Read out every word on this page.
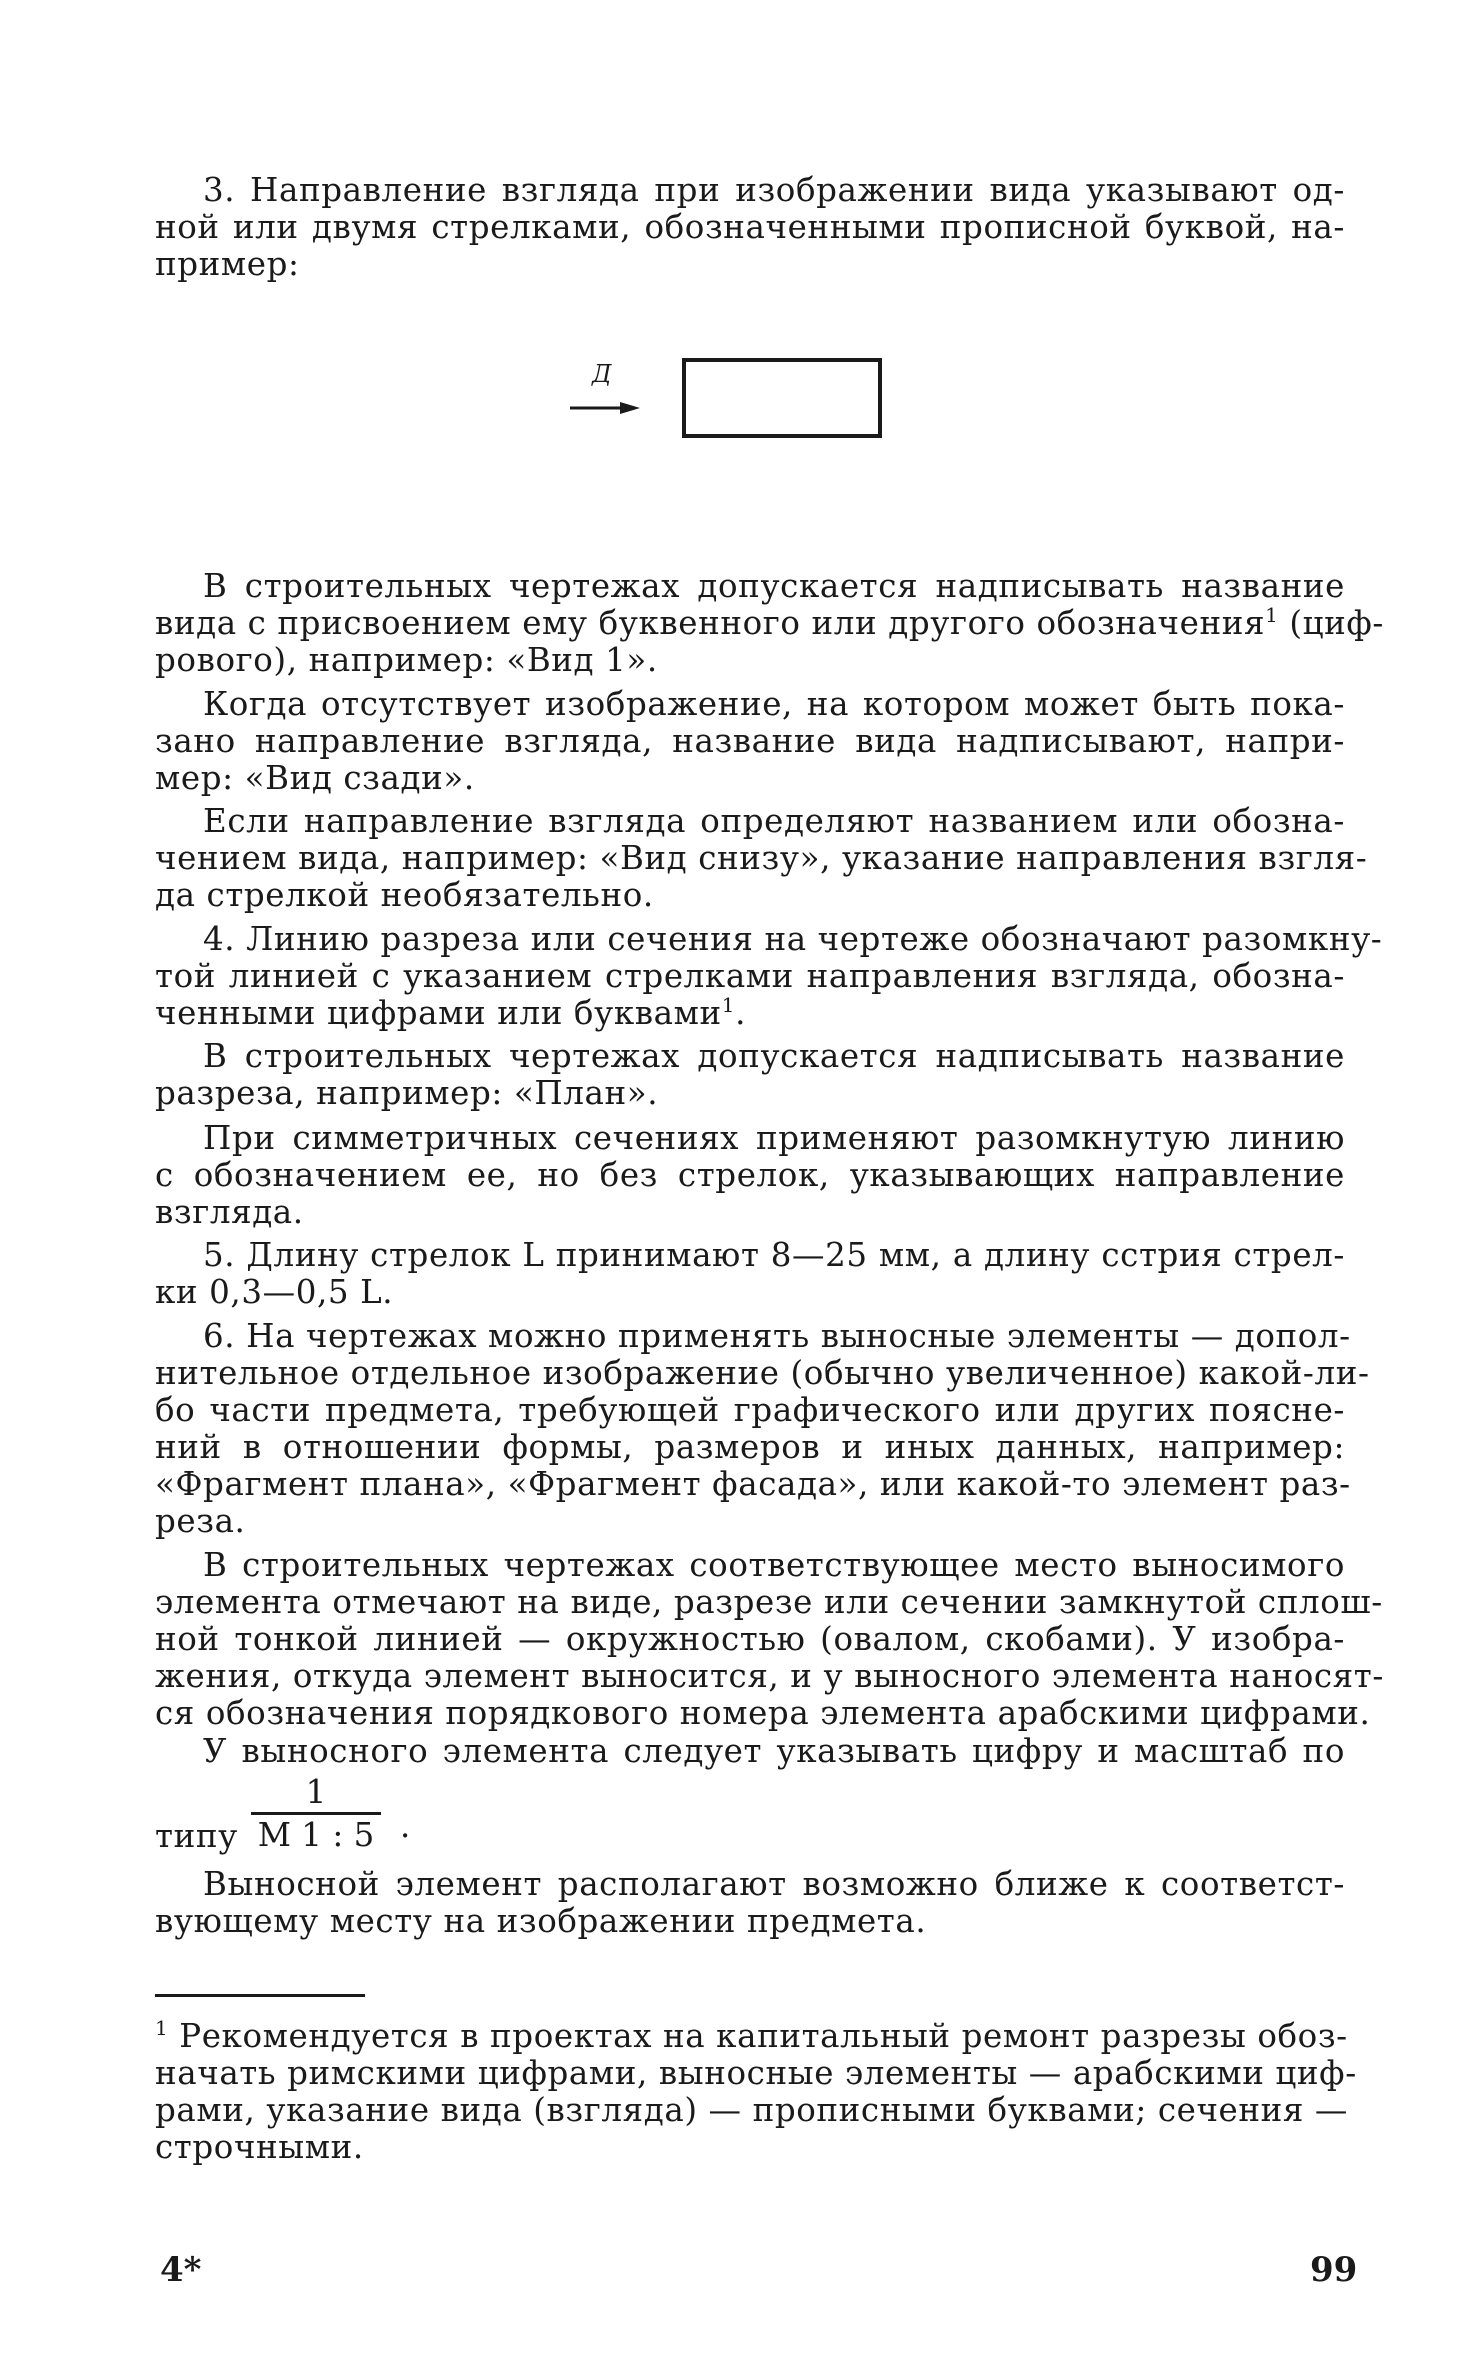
3. Направление взгляда при изображении вида указывают од-
ной или двумя стрелками, обозначенными прописной буквой, на-
пример:
Д
В строительных чертежах допускается надписывать название
вида с присвоением ему буквенного или другого обозначения$^1$ (циф-
рового), например: «Вид 1».
Когда отсутствует изображение, на котором может быть пока-
зано направление взгляда, название вида надписывают, напри-
мер: «Вид сзади».
Если направление взгляда определяют названием или обозна-
чением вида, например: «Вид снизу», указание направления взгля-
да стрелкой необязательно.
4. Линию разреза или сечения на чертеже обозначают разомкну-
той линией с указанием стрелками направления взгляда, обозна-
ченными цифрами или буквами$^1$.
В строительных чертежах допускается надписывать название
разреза, например: «План».
При симметричных сечениях применяют разомкнутую линию
с обозначением ее, но без стрелок, указывающих направление
взгляда.
5. Длину стрелок L принимают 8—25 мм, а длину сстрия стрел-
ки 0,3—0,5 L.
6. На чертежах можно применять выносные элементы — допол-
нительное отдельное изображение (обычно увеличенное) какой-ли-
бо части предмета, требующей графического или других поясне-
ний в отношении формы, размеров и иных данных, например:
«Фрагмент плана», «Фрагмент фасада», или какой-то элемент раз-
реза.
В строительных чертежах соответствующее место выносимого
элемента отмечают на виде, разрезе или сечении замкнутой сплош-
ной тонкой линией — окружностью (овалом, скобами). У изобра-
жения, откуда элемент выносится, и у выносного элемента наносят-
ся обозначения порядкового номера элемента арабскими цифрами.
У выносного элемента следует указывать цифру и масштаб по
типу
1
М 1 : 5 ·
Выносной элемент располагают возможно ближе к соответст-
вующему месту на изображении предмета.
$^1$ Рекомендуется в проектах на капитальный ремонт разрезы обоз-
начать римскими цифрами, выносные элементы — арабскими циф-
рами, указание вида (взгляда) — прописными буквами; сечения —
строчными.
4*	99
